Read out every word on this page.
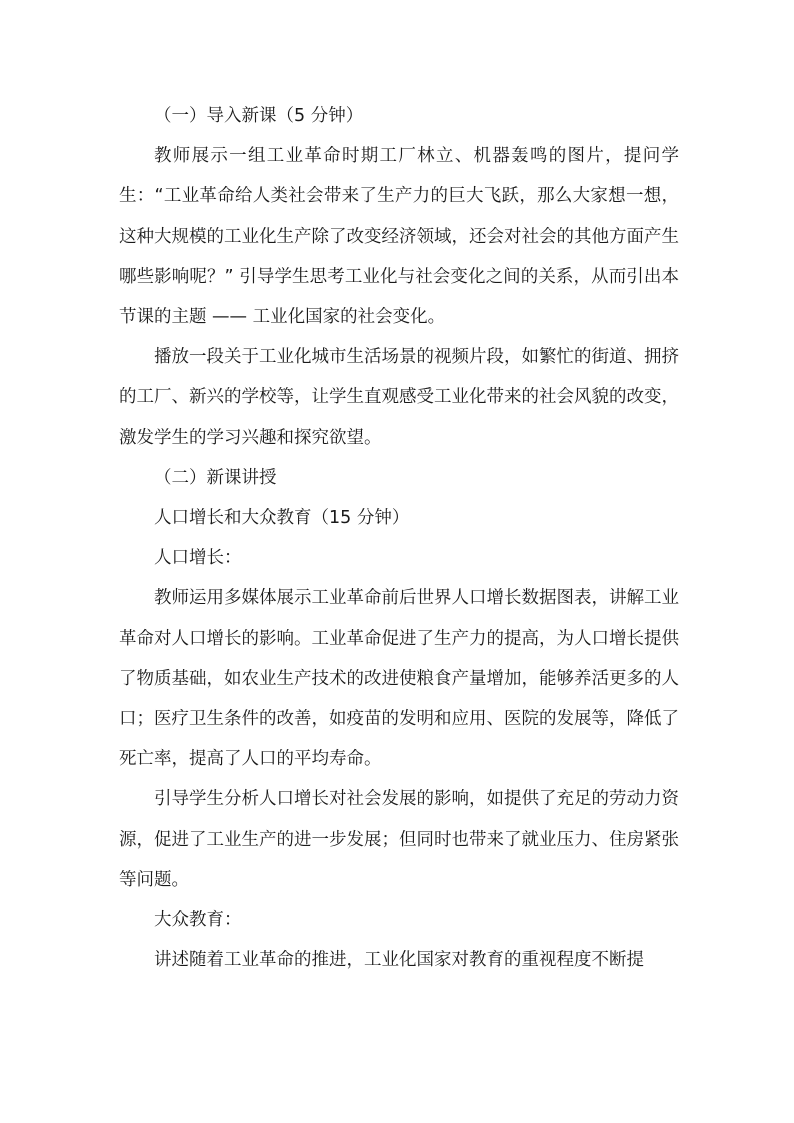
（一）导入新课（5 分钟）

教师展示一组工业革命时期工厂林立、机器轰鸣的图片，提问学生：“工业革命给人类社会带来了生产力的巨大飞跃，那么大家想一想，这种大规模的工业化生产除了改变经济领域，还会对社会的其他方面产生哪些影响呢？” 引导学生思考工业化与社会变化之间的关系，从而引出本节课的主题 —— 工业化国家的社会变化。

播放一段关于工业化城市生活场景的视频片段，如繁忙的街道、拥挤的工厂、新兴的学校等，让学生直观感受工业化带来的社会风貌的改变，激发学生的学习兴趣和探究欲望。

（二）新课讲授

人口增长和大众教育（15 分钟）

人口增长：

教师运用多媒体展示工业革命前后世界人口增长数据图表，讲解工业革命对人口增长的影响。工业革命促进了生产力的提高，为人口增长提供了物质基础，如农业生产技术的改进使粮食产量增加，能够养活更多的人口；医疗卫生条件的改善，如疫苗的发明和应用、医院的发展等，降低了死亡率，提高了人口的平均寿命。

引导学生分析人口增长对社会发展的影响，如提供了充足的劳动力资源，促进了工业生产的进一步发展；但同时也带来了就业压力、住房紧张等问题。

大众教育：

讲述随着工业革命的推进，工业化国家对教育的重视程度不断提
